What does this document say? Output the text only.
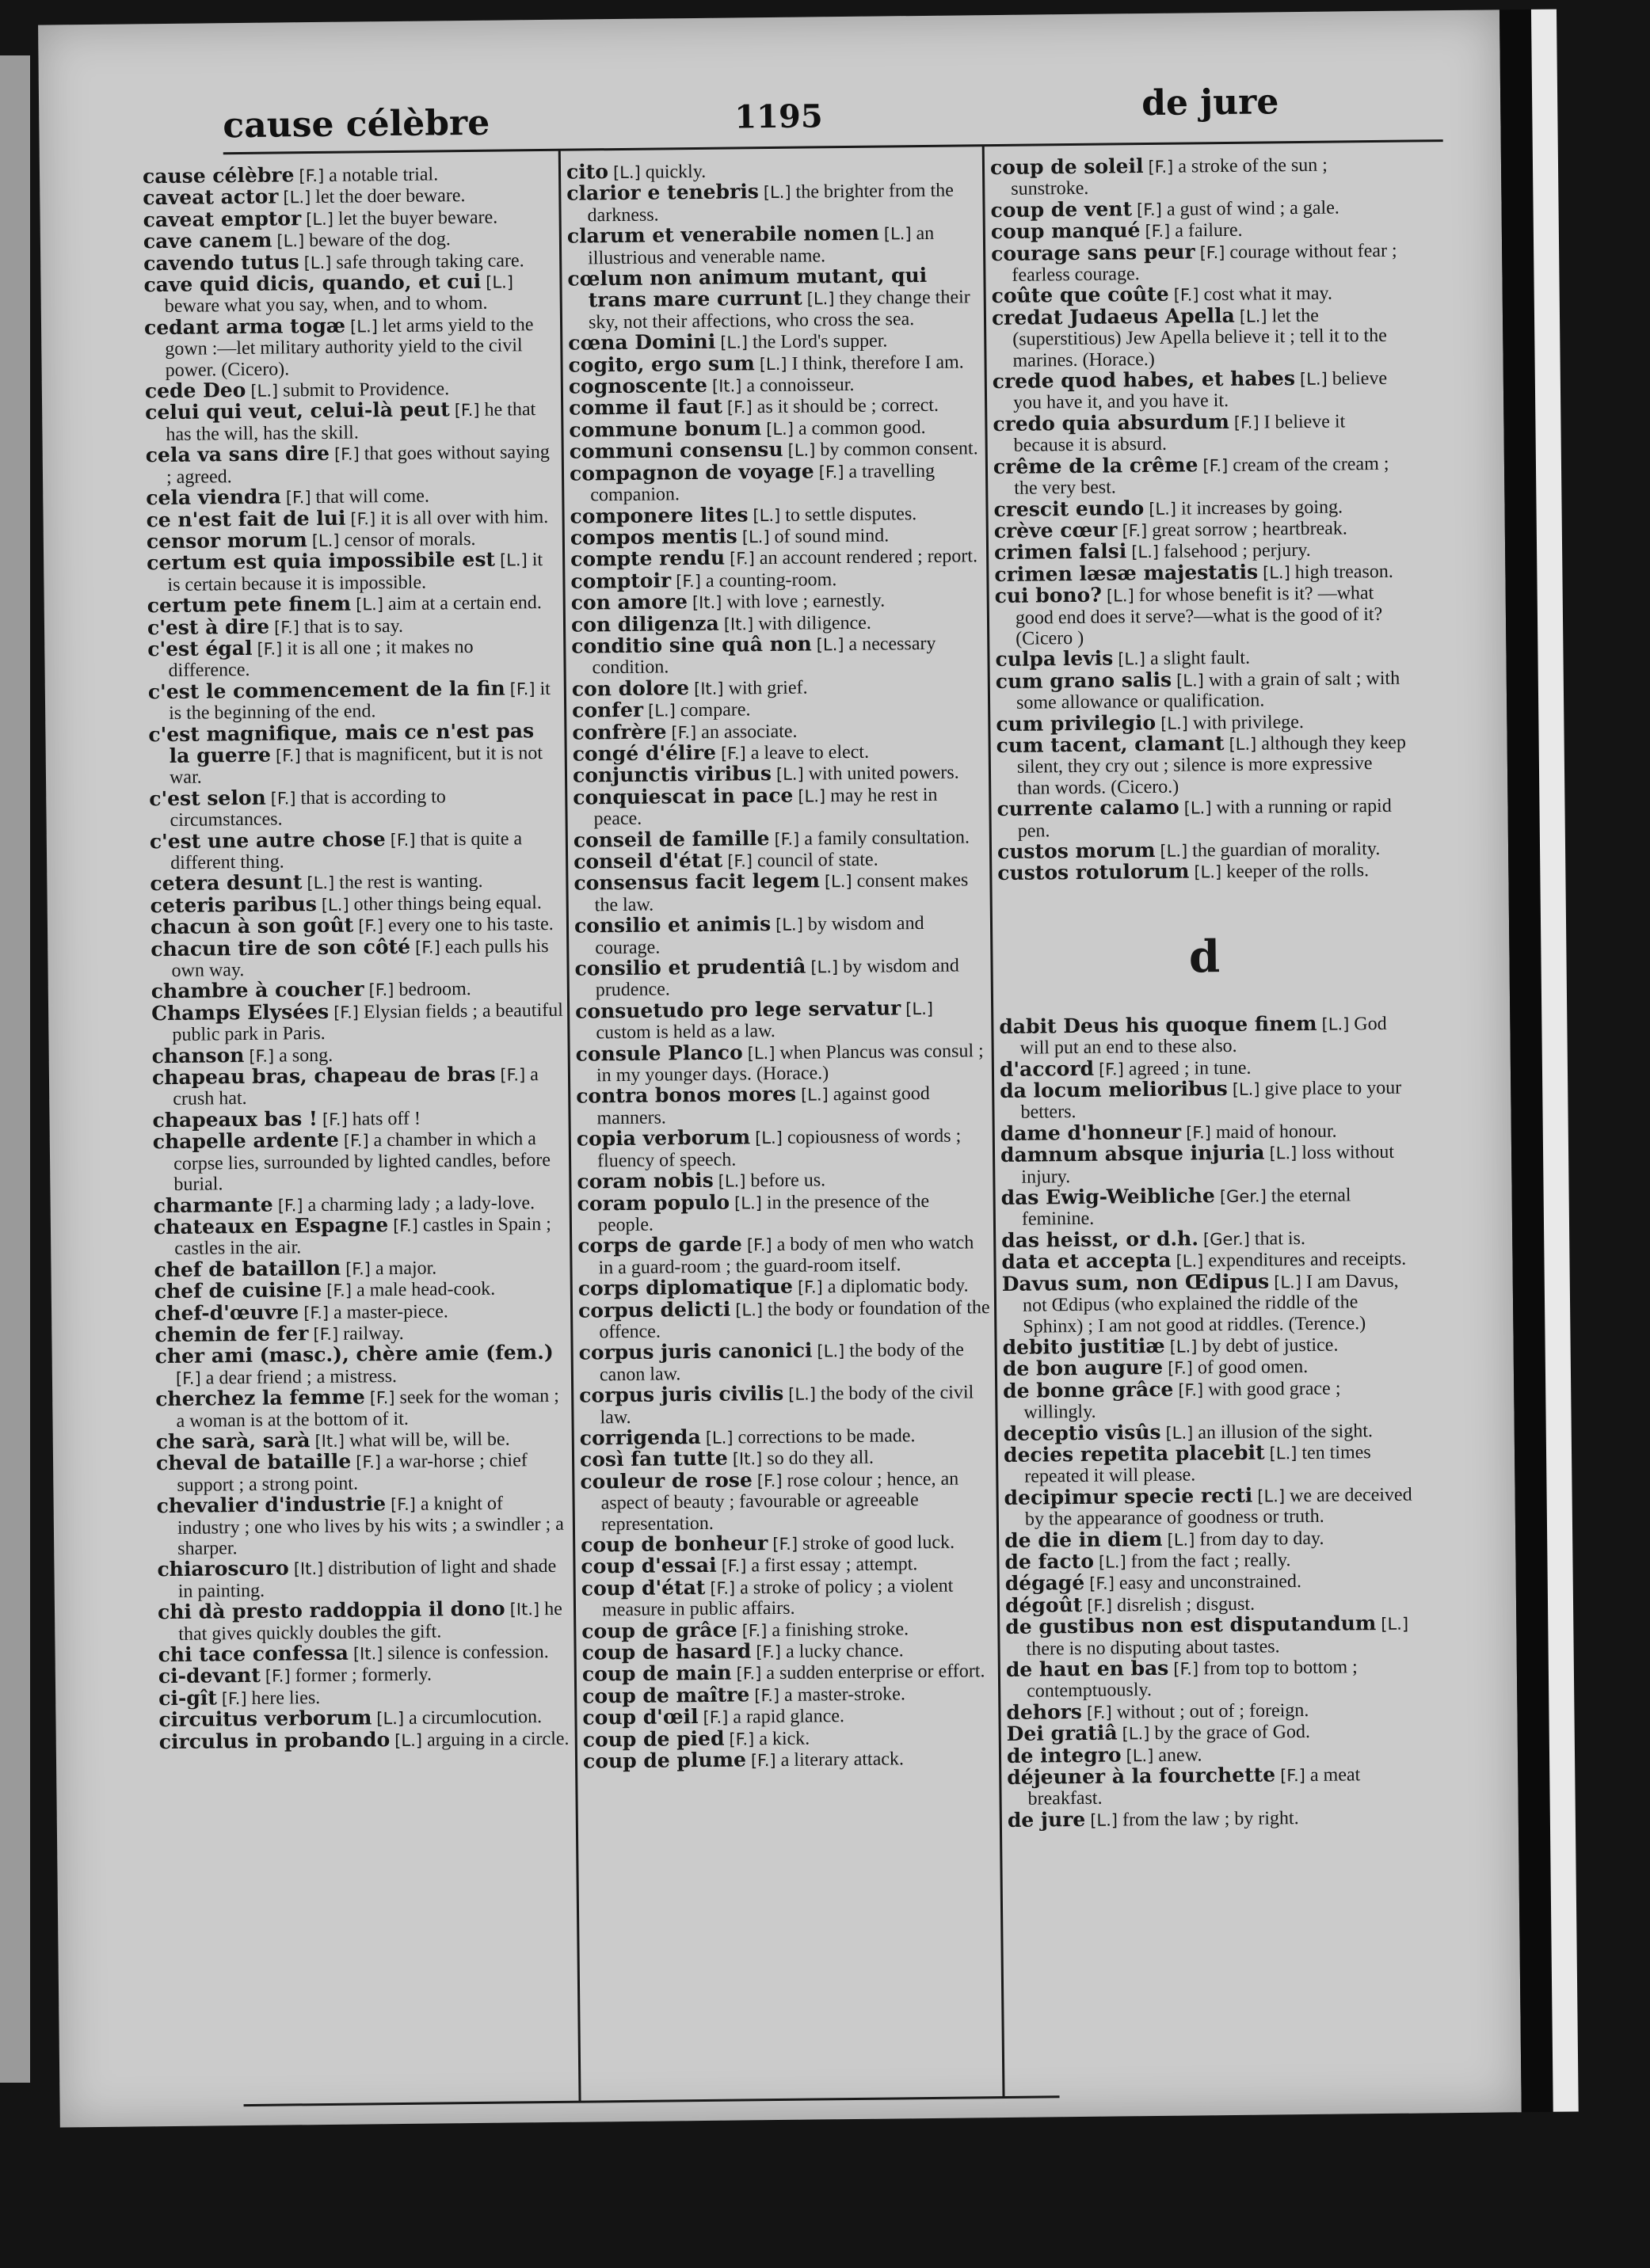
cause célèbre	1195	de jure

cause célèbre [F.] a notable trial.

caveat actor [L.] let the doer beware.

caveat emptor [L.] let the buyer beware.

cave canem [L.] beware of the dog.

cavendo tutus [L.] safe through taking care.

cave quid dicis, quando, et cui [L.] beware what you say, when, and to whom.

cedant arma togæ [L.] let arms yield to the gown :—let military authority yield to the civil power. (Cicero).

cede Deo [L.] submit to Providence.

celui qui veut, celui-là peut [F.] he that has the will, has the skill.

cela va sans dire [F.] that goes without saying ; agreed.

cela viendra [F.] that will come.

ce n'est fait de lui [F.] it is all over with him.

censor morum [L.] censor of morals.

certum est quia impossibile est [L.] it is certain because it is impossible.

certum pete finem [L.] aim at a certain end.

c'est à dire [F.] that is to say.

c'est égal [F.] it is all one ; it makes no difference.

c'est le commencement de la fin [F.] it is the beginning of the end.

c'est magnifique, mais ce n'est pas la guerre [F.] that is magnificent, but it is not war.

c'est selon [F.] that is according to circumstances.

c'est une autre chose [F.] that is quite a different thing.

cetera desunt [L.] the rest is wanting.

ceteris paribus [L.] other things being equal.

chacun à son goût [F.] every one to his taste.

chacun tire de son côté [F.] each pulls his own way.

chambre à coucher [F.] bedroom.

Champs Elysées [F.] Elysian fields ; a beautiful public park in Paris.

chanson [F.] a song.

chapeau bras, chapeau de bras [F.] a crush hat.

chapeaux bas ! [F.] hats off !

chapelle ardente [F.] a chamber in which a corpse lies, surrounded by lighted candles, before burial.

charmante [F.] a charming lady ; a lady-love.

chateaux en Espagne [F.] castles in Spain ; castles in the air.

chef de bataillon [F.] a major.

chef de cuisine [F.] a male head-cook.

chef-d'œuvre [F.] a master-piece.

chemin de fer [F.] railway.

cher ami (masc.), chère amie (fem.) [F.] a dear friend ; a mistress.

cherchez la femme [F.] seek for the woman ; a woman is at the bottom of it.

che sarà, sarà [It.] what will be, will be.

cheval de bataille [F.] a war-horse ; chief support ; a strong point.

chevalier d'industrie [F.] a knight of industry ; one who lives by his wits ; a swindler ; a sharper.

chiaroscuro [It.] distribution of light and shade in painting.

chi dà presto raddoppia il dono [It.] he that gives quickly doubles the gift.

chi tace confessa [It.] silence is confession.

ci-devant [F.] former ; formerly.

ci-gît [F.] here lies.

circuitus verborum [L.] a circumlocution.

circulus in probando [L.] arguing in a circle.

cito [L.] quickly.

clarior e tenebris [L.] the brighter from the darkness.

clarum et venerabile nomen [L.] an illustrious and venerable name.

cœlum non animum mutant, qui trans mare currunt [L.] they change their sky, not their affections, who cross the sea.

cœna Domini [L.] the Lord's supper.

cogito, ergo sum [L.] I think, therefore I am.

cognoscente [It.] a connoisseur.

comme il faut [F.] as it should be ; correct.

commune bonum [L.] a common good.

communi consensu [L.] by common consent.

compagnon de voyage [F.] a travelling companion.

componere lites [L.] to settle disputes.

compos mentis [L.] of sound mind.

compte rendu [F.] an account rendered ; report.

comptoir [F.] a counting-room.

con amore [It.] with love ; earnestly.

con diligenza [It.] with diligence.

conditio sine quâ non [L.] a necessary condition.

con dolore [It.] with grief.

confer [L.] compare.

confrère [F.] an associate.

congé d'élire [F.] a leave to elect.

conjunctis viribus [L.] with united powers.

conquiescat in pace [L.] may he rest in peace.

conseil de famille [F.] a family consultation.

conseil d'état [F.] council of state.

consensus facit legem [L.] consent makes the law.

consilio et animis [L.] by wisdom and courage.

consilio et prudentiâ [L.] by wisdom and prudence.

consuetudo pro lege servatur [L.] custom is held as a law.

consule Planco [L.] when Plancus was consul ; in my younger days. (Horace.)

contra bonos mores [L.] against good manners.

copia verborum [L.] copiousness of words ; fluency of speech.

coram nobis [L.] before us.

coram populo [L.] in the presence of the people.

corps de garde [F.] a body of men who watch in a guard-room ; the guard-room itself.

corps diplomatique [F.] a diplomatic body.

corpus delicti [L.] the body or foundation of the offence.

corpus juris canonici [L.] the body of the canon law.

corpus juris civilis [L.] the body of the civil law.

corrigenda [L.] corrections to be made.

così fan tutte [It.] so do they all.

couleur de rose [F.] rose colour ; hence, an aspect of beauty ; favourable or agreeable representation.

coup de bonheur [F.] stroke of good luck.

coup d'essai [F.] a first essay ; attempt.

coup d'état [F.] a stroke of policy ; a violent measure in public affairs.

coup de grâce [F.] a finishing stroke.

coup de hasard [F.] a lucky chance.

coup de main [F.] a sudden enterprise or effort.

coup de maître [F.] a master-stroke.

coup d'œil [F.] a rapid glance.

coup de pied [F.] a kick.

coup de plume [F.] a literary attack.

coup de soleil [F.] a stroke of the sun ; sunstroke.

coup de vent [F.] a gust of wind ; a gale.

coup manqué [F.] a failure.

courage sans peur [F.] courage without fear ; fearless courage.

coûte que coûte [F.] cost what it may.

credat Judaeus Apella [L.] let the (superstitious) Jew Apella believe it ; tell it to the marines. (Horace.)

crede quod habes, et habes [L.] believe you have it, and you have it.

credo quia absurdum [F.] I believe it because it is absurd.

crême de la crême [F.] cream of the cream ; the very best.

crescit eundo [L.] it increases by going.

crève cœur [F.] great sorrow ; heartbreak.

crimen falsi [L.] falsehood ; perjury.

crimen læsæ majestatis [L.] high treason.

cui bono? [L.] for whose benefit is it? —what good end does it serve?—what is the good of it? (Cicero )

culpa levis [L.] a slight fault.

cum grano salis [L.] with a grain of salt ; with some allowance or qualification.

cum privilegio [L.] with privilege.

cum tacent, clamant [L.] although they keep silent, they cry out ; silence is more expressive than words. (Cicero.)

currente calamo [L.] with a running or rapid pen.

custos morum [L.] the guardian of morality.

custos rotulorum [L.] keeper of the rolls.

d

dabit Deus his quoque finem [L.] God will put an end to these also.

d'accord [F.] agreed ; in tune.

da locum melioribus [L.] give place to your betters.

dame d'honneur [F.] maid of honour.

damnum absque injuria [L.] loss without injury.

das Ewig-Weibliche [Ger.] the eternal feminine.

das heisst, or d.h. [Ger.] that is.

data et accepta [L.] expenditures and receipts.

Davus sum, non Œdipus [L.] I am Davus, not Œdipus (who explained the riddle of the Sphinx) ; I am not good at riddles. (Terence.)

debito justitiæ [L.] by debt of justice.

de bon augure [F.] of good omen.

de bonne grâce [F.] with good grace ; willingly.

deceptio visûs [L.] an illusion of the sight.

decies repetita placebit [L.] ten times repeated it will please.

decipimur specie recti [L.] we are deceived by the appearance of goodness or truth.

de die in diem [L.] from day to day.

de facto [L.] from the fact ; really.

dégagé [F.] easy and unconstrained.

dégoût [F.] disrelish ; disgust.

de gustibus non est disputandum [L.] there is no disputing about tastes.

de haut en bas [F.] from top to bottom ; contemptuously.

dehors [F.] without ; out of ; foreign.

Dei gratiâ [L.] by the grace of God.

de integro [L.] anew.

déjeuner à la fourchette [F.] a meat breakfast.

de jure [L.] from the law ; by right.
